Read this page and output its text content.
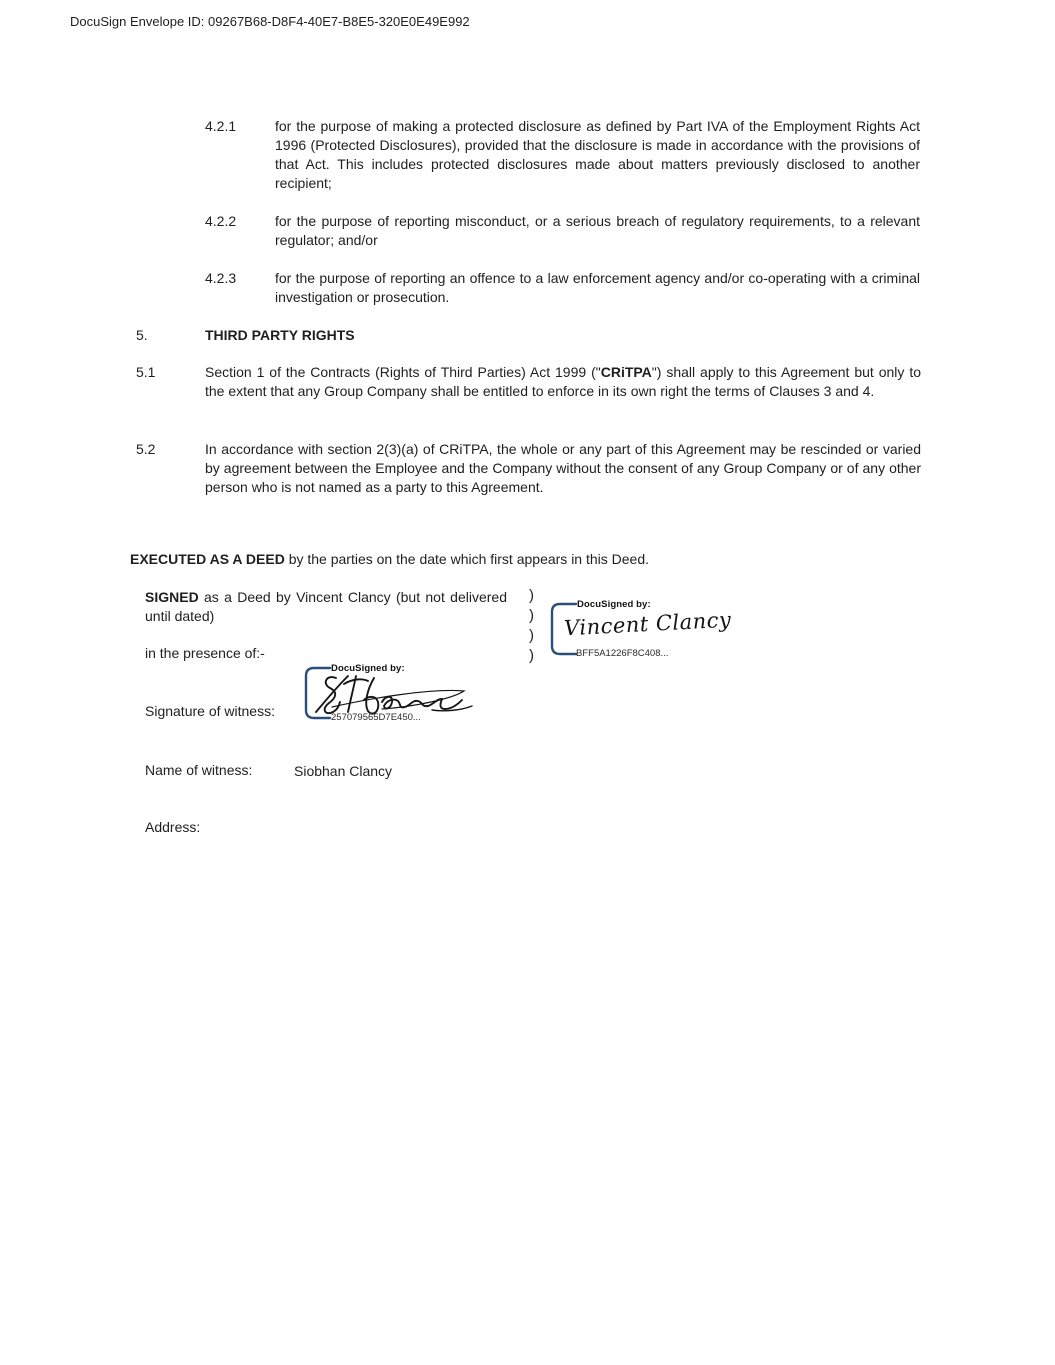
DocuSign Envelope ID: 09267B68-D8F4-40E7-B8E5-320E0E49E992
4.2.1	for the purpose of making a protected disclosure as defined by Part IVA of the Employment Rights Act 1996 (Protected Disclosures), provided that the disclosure is made in accordance with the provisions of that Act. This includes protected disclosures made about matters previously disclosed to another recipient;
4.2.2	for the purpose of reporting misconduct, or a serious breach of regulatory requirements, to a relevant regulator; and/or
4.2.3	for the purpose of reporting an offence to a law enforcement agency and/or co-operating with a criminal investigation or prosecution.
5.	THIRD PARTY RIGHTS
5.1	Section 1 of the Contracts (Rights of Third Parties) Act 1999 ("CRiTPA") shall apply to this Agreement but only to the extent that any Group Company shall be entitled to enforce in its own right the terms of Clauses 3 and 4.
5.2	In accordance with section 2(3)(a) of CRiTPA, the whole or any part of this Agreement may be rescinded or varied by agreement between the Employee and the Company without the consent of any Group Company or of any other person who is not named as a party to this Agreement.
EXECUTED AS A DEED by the parties on the date which first appears in this Deed.
SIGNED as a Deed by Vincent Clancy (but not delivered until dated)
in the presence of:-
)
)
)
)
DocuSigned by:
Vincent Clancy
BFF5A1226F8C408...
Signature of witness:
DocuSigned by:
257079565D7E450...
Name of witness:	Siobhan Clancy
Address:
